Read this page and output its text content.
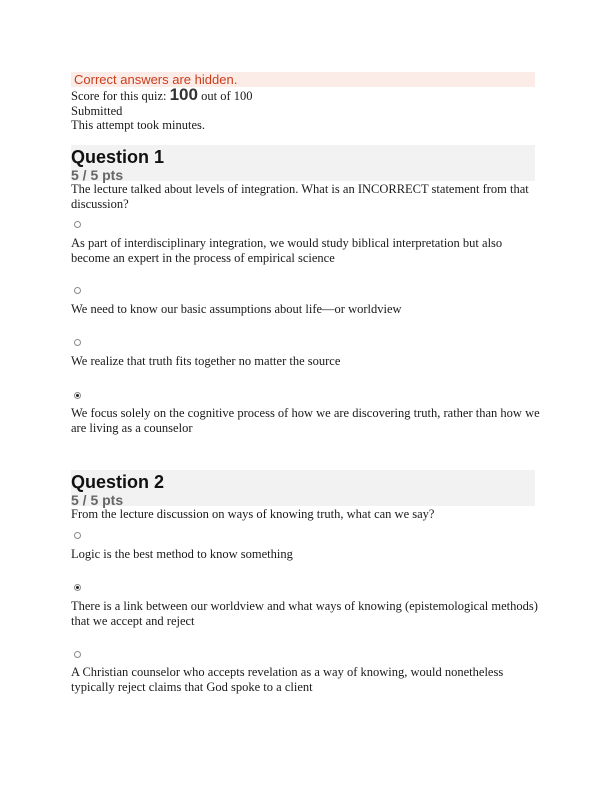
Correct answers are hidden.
Score for this quiz: 100 out of 100
Submitted
This attempt took minutes.
Question 1
5 / 5 pts
The lecture talked about levels of integration. What is an INCORRECT statement from that discussion?
As part of interdisciplinary integration, we would study biblical interpretation but also become an expert in the process of empirical science
We need to know our basic assumptions about life—or worldview
We realize that truth fits together no matter the source
We focus solely on the cognitive process of how we are discovering truth, rather than how we are living as a counselor
Question 2
5 / 5 pts
From the lecture discussion on ways of knowing truth, what can we say?
Logic is the best method to know something
There is a link between our worldview and what ways of knowing (epistemological methods) that we accept and reject
A Christian counselor who accepts revelation as a way of knowing, would nonetheless typically reject claims that God spoke to a client
